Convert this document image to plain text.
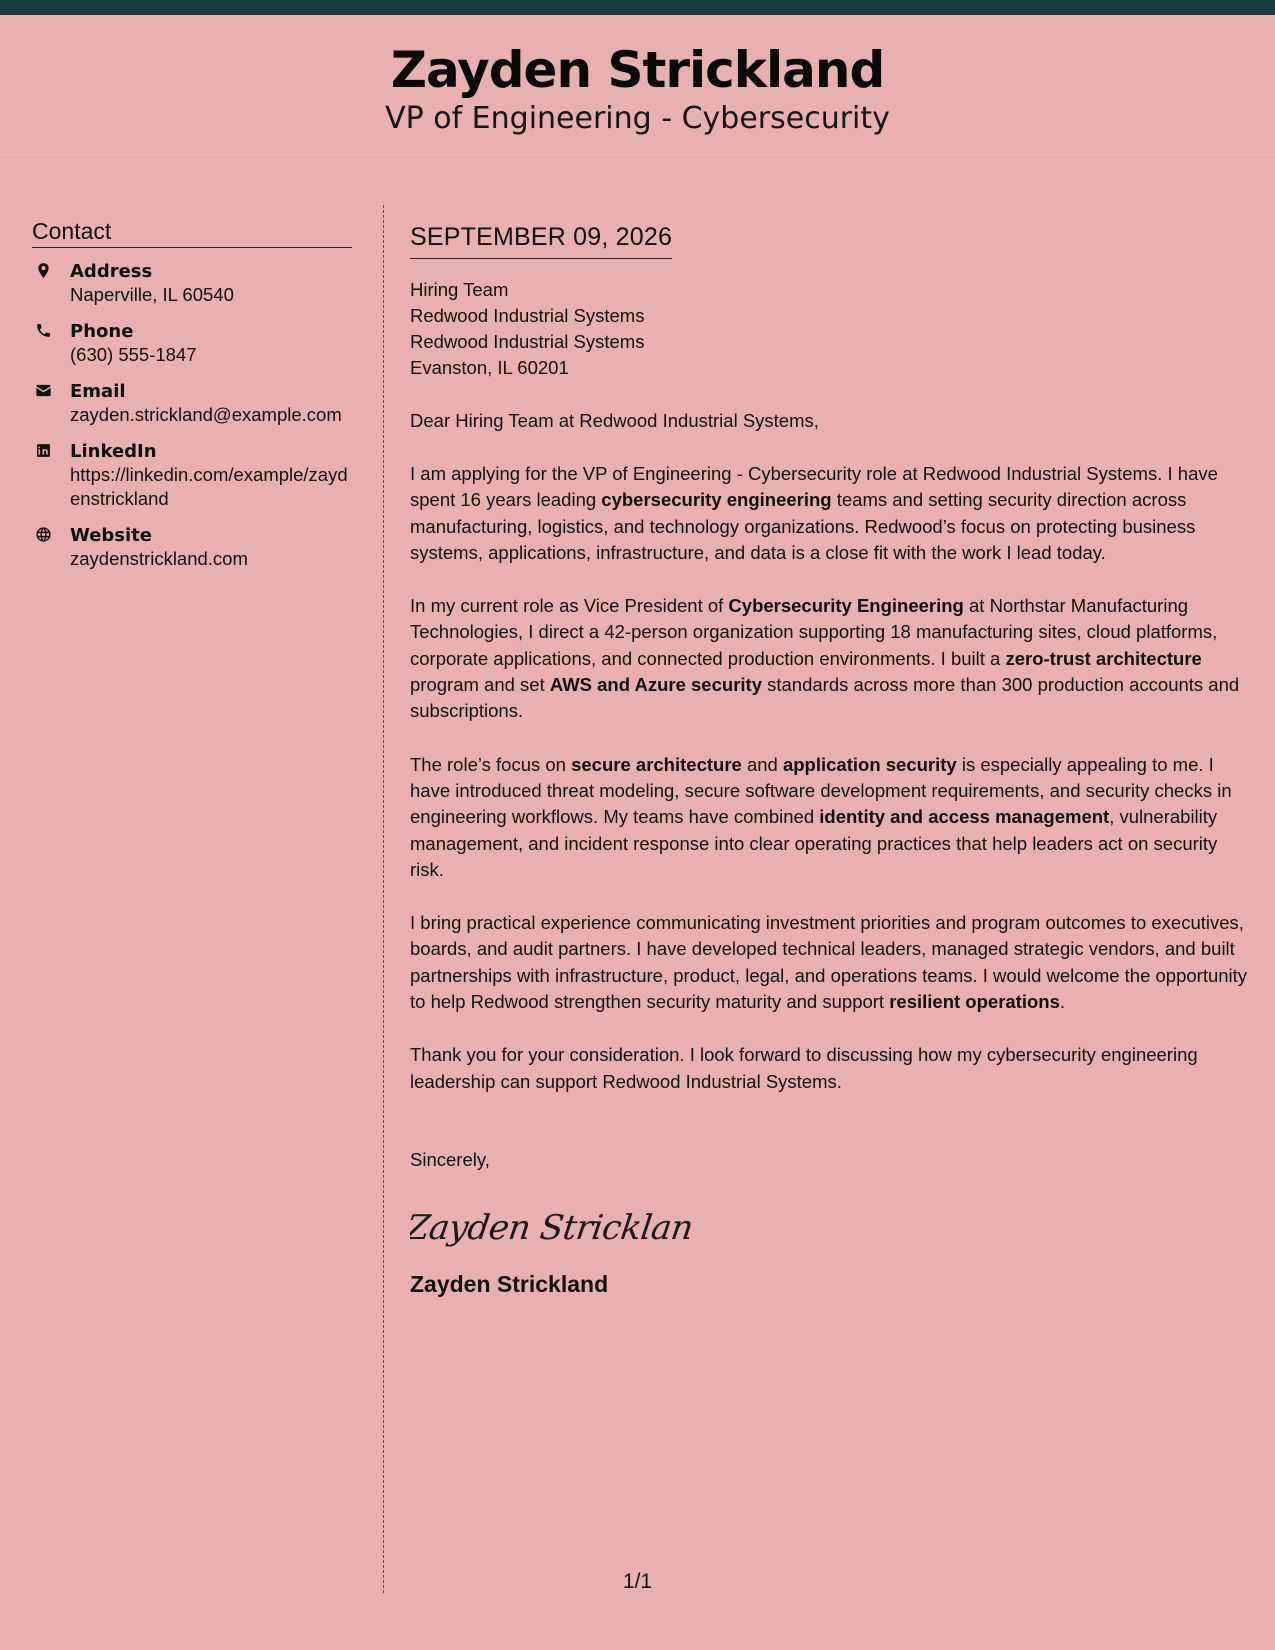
Zayden Strickland
VP of Engineering - Cybersecurity
Contact
Address
Naperville, IL 60540
Phone
(630) 555-1847
Email
zayden.strickland@example.com
LinkedIn
https://linkedin.com/example/zaydenstrickland
Website
zaydenstrickland.com
SEPTEMBER 09, 2026
Hiring Team
Redwood Industrial Systems
Redwood Industrial Systems
Evanston, IL 60201
Dear Hiring Team at Redwood Industrial Systems,
I am applying for the VP of Engineering - Cybersecurity role at Redwood Industrial Systems. I have spent 16 years leading cybersecurity engineering teams and setting security direction across manufacturing, logistics, and technology organizations. Redwood’s focus on protecting business systems, applications, infrastructure, and data is a close fit with the work I lead today.
In my current role as Vice President of Cybersecurity Engineering at Northstar Manufacturing Technologies, I direct a 42-person organization supporting 18 manufacturing sites, cloud platforms, corporate applications, and connected production environments. I built a zero-trust architecture program and set AWS and Azure security standards across more than 300 production accounts and subscriptions.
The role’s focus on secure architecture and application security is especially appealing to me. I have introduced threat modeling, secure software development requirements, and security checks in engineering workflows. My teams have combined identity and access management, vulnerability management, and incident response into clear operating practices that help leaders act on security risk.
I bring practical experience communicating investment priorities and program outcomes to executives, boards, and audit partners. I have developed technical leaders, managed strategic vendors, and built partnerships with infrastructure, product, legal, and operations teams. I would welcome the opportunity to help Redwood strengthen security maturity and support resilient operations.
Thank you for your consideration. I look forward to discussing how my cybersecurity engineering leadership can support Redwood Industrial Systems.
Sincerely,
Zayden Stricklan
Zayden Strickland
1/1
